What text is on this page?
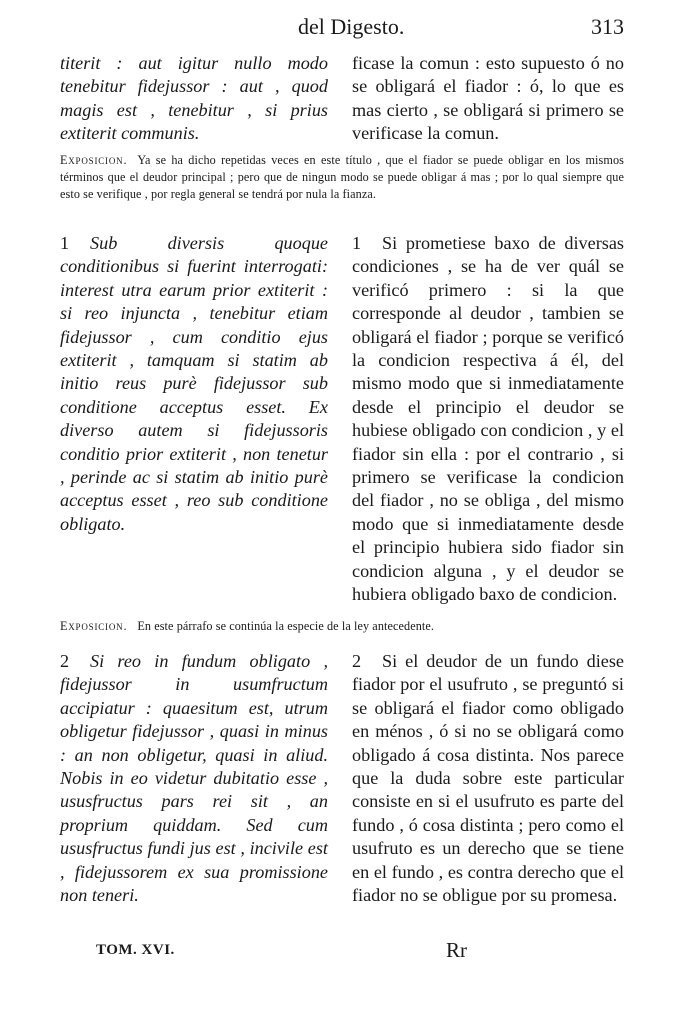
del Digesto.	313

titerit : aut igitur nullo modo tenebitur fidejussor : aut , quod magis est , tenebitur , si prius extiterit communis.

ficase la comun : esto supuesto ó no se obligará el fiador : ó, lo que es mas cierto , se obligará si primero se verificase la comun.

Exposicion. Ya se ha dicho repetidas veces en este título , que el fiador se puede obligar en los mismos términos que el deudor principal ; pero que de ningun modo se puede obligar á mas ; por lo qual siempre que esto se verifique , por regla general se tendrá por nula la fianza.

1 Sub diversis quoque conditionibus si fuerint interrogati: interest utra earum prior extiterit : si reo injuncta , tenebitur etiam fidejussor , cum conditio ejus extiterit , tamquam si statim ab initio reus purè fidejussor sub conditione acceptus esset. Ex diverso autem si fidejussoris conditio prior extiterit , non tenetur , perinde ac si statim ab initio purè acceptus esset , reo sub conditione obligato.

1 Si prometiese baxo de diversas condiciones , se ha de ver quál se verificó primero : si la que corresponde al deudor , tambien se obligará el fiador ; porque se verificó la condicion respectiva á él, del mismo modo que si inmediatamente desde el principio el deudor se hubiese obligado con condicion , y el fiador sin ella : por el contrario , si primero se verificase la condicion del fiador , no se obliga , del mismo modo que si inmediatamente desde el principio hubiera sido fiador sin condicion alguna , y el deudor se hubiera obligado baxo de condicion.

Exposicion. En este párrafo se continúa la especie de la ley antecedente.

2 Si reo in fundum obligato , fidejussor in usumfructum accipiatur : quaesitum est, utrum obligetur fidejussor , quasi in minus : an non obligetur, quasi in aliud. Nobis in eo videtur dubitatio esse , ususfructus pars rei sit , an proprium quiddam. Sed cum ususfructus fundi jus est , incivile est , fidejussorem ex sua promissione non teneri.

2 Si el deudor de un fundo diese fiador por el usufruto , se preguntó si se obligará el fiador como obligado en ménos , ó si no se obligará como obligado á cosa distinta. Nos parece que la duda sobre este particular consiste en si el usufruto es parte del fundo , ó cosa distinta ; pero como el usufruto es un derecho que se tiene en el fundo , es contra derecho que el fiador no se obligue por su promesa.

TOM. XVI.	Rr
